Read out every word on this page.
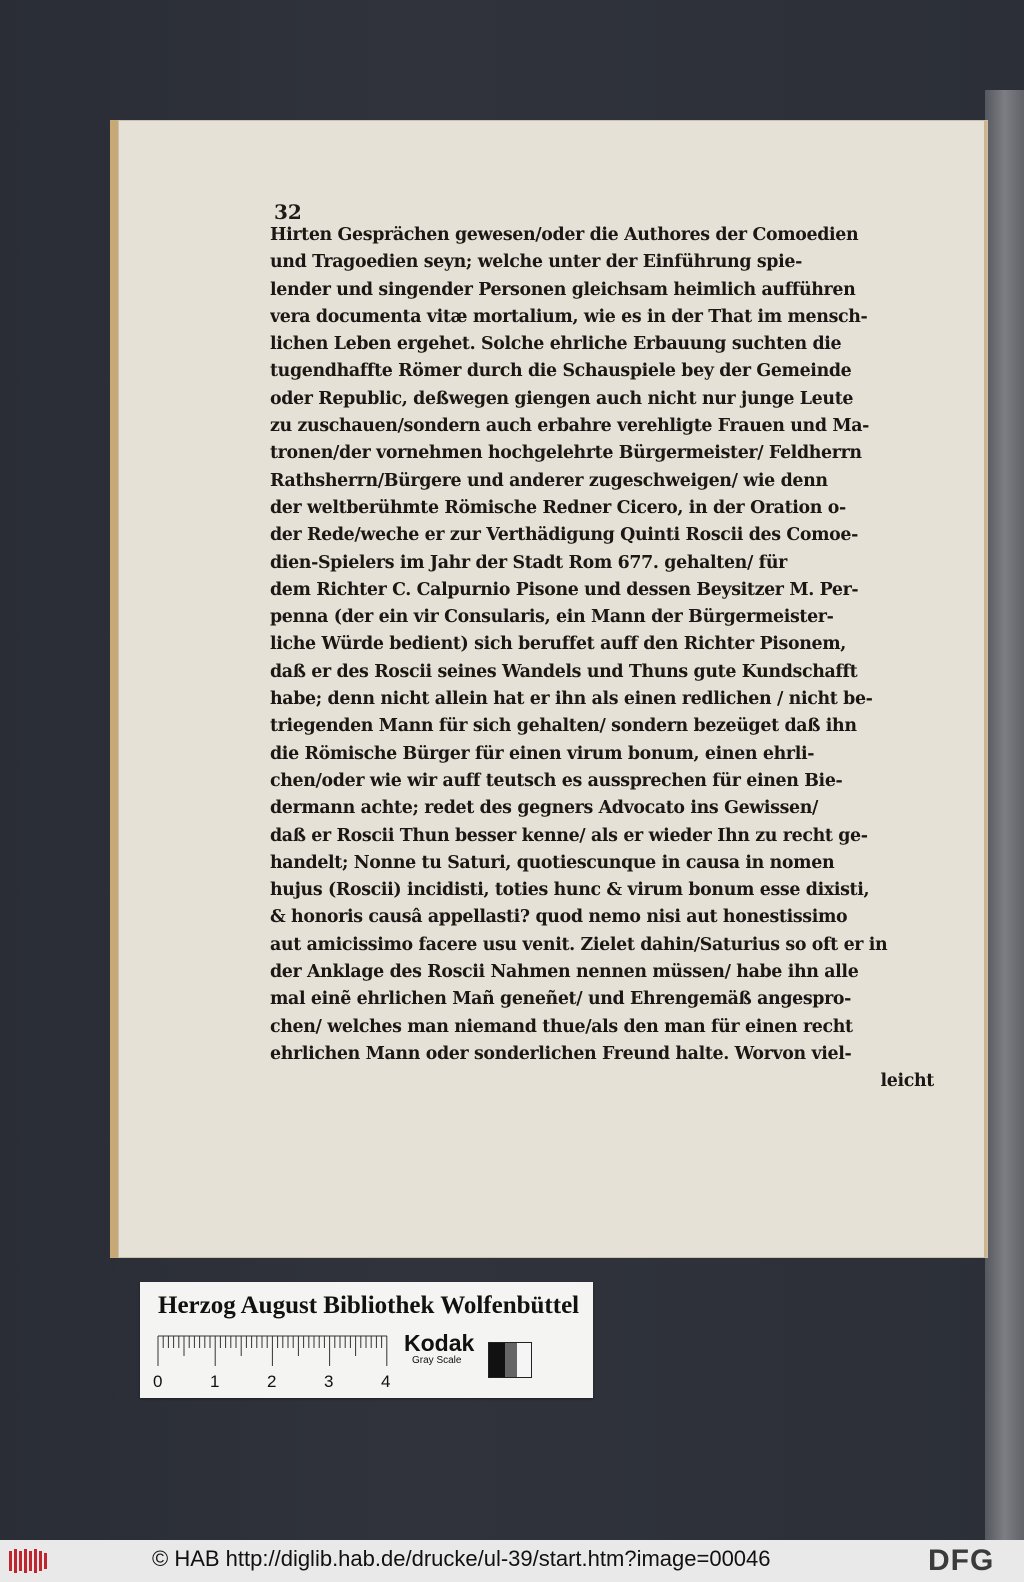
32
Hirten Gesprächen gewesen/oder die Authores der Comoedien
und Tragoedien seyn; welche unter der Einführung spie-
lender und singender Personen gleichsam heimlich aufführen
vera documenta vitæ mortalium, wie es in der That im mensch-
lichen Leben ergehet. Solche ehrliche Erbauung suchten die
tugendhaffte Römer durch die Schauspiele bey der Gemeinde
oder Republic, deßwegen giengen auch nicht nur junge Leute
zu zuschauen/sondern auch erbahre verehligte Frauen und Ma-
tronen/der vornehmen hochgelehrte Bürgermeister/ Feldherrn
Rathsherrn/Bürgere und anderer zugeschweigen/ wie denn
der weltberühmte Römische Redner Cicero, in der Oration o-
der Rede/weche er zur Verthädigung Quinti Roscii des Comoe-
dien-Spielers im Jahr der Stadt Rom 677. gehalten/ für
dem Richter C. Calpurnio Pisone und dessen Beysitzer M. Per-
penna (der ein vir Consularis, ein Mann der Bürgermeister-
liche Würde bedient) sich beruffet auff den Richter Pisonem,
daß er des Roscii seines Wandels und Thuns gute Kundschafft
habe; denn nicht allein hat er ihn als einen redlichen / nicht be-
triegenden Mann für sich gehalten/ sondern bezeüget daß ihn
die Römische Bürger für einen virum bonum, einen ehrli-
chen/oder wie wir auff teutsch es aussprechen für einen Bie-
dermann achte; redet des gegners Advocato ins Gewissen/
daß er Roscii Thun besser kenne/ als er wieder Ihn zu recht ge-
handelt; Nonne tu Saturi, quotiescunque in causa in nomen
hujus (Roscii) incidisti, toties hunc & virum bonum esse dixisti,
& honoris causâ appellasti? quod nemo nisi aut honestissimo
aut amicissimo facere usu venit. Zielet dahin/Saturius so oft er in
der Anklage des Roscii Nahmen nennen müssen/ habe ihn alle
mal einẽ ehrlichen Mañ geneñet/ und Ehrengemäß angespro-
chen/ welches man niemand thue/als den man für einen recht
ehrlichen Mann oder sonderlichen Freund halte. Worvon viel-
leicht
Herzog August Bibliothek Wolfenbüttel
0	1	2	3	4
Kodak
Gray Scale
© HAB http://diglib.hab.de/drucke/ul-39/start.htm?image=00046	DFG
